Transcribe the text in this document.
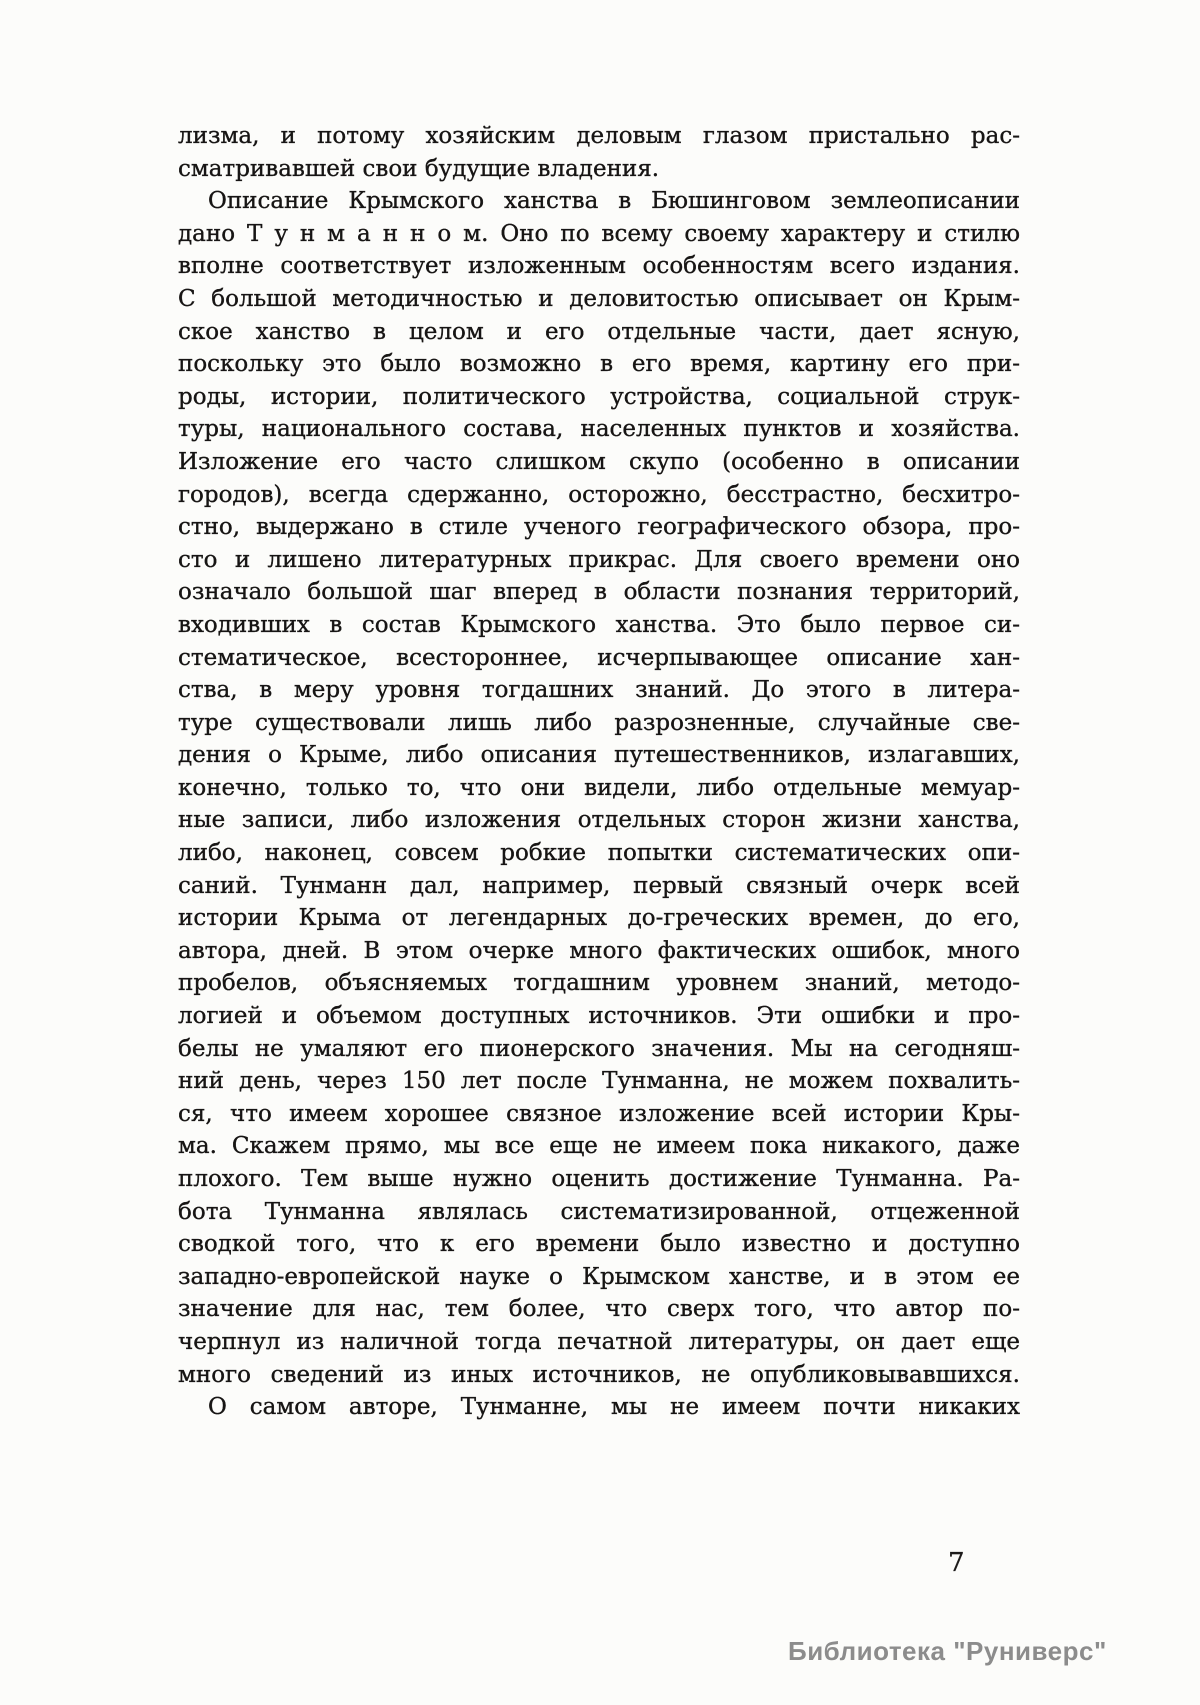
лизма, и потому хозяйским деловым глазом пристально рас-
сматривавшей свои будущие владения.
Описание Крымского ханства в Бюшинговом землеописании
дано Т у н м а н н о м. Оно по всему своему характеру и стилю
вполне соответствует изложенным особенностям всего издания.
С большой методичностью и деловитостью описывает он Крым-
ское ханство в целом и его отдельные части, дает ясную,
поскольку это было возможно в его время, картину его при-
роды, истории, политического устройства, социальной струк-
туры, национального состава, населенных пунктов и хозяйства.
Изложение его часто слишком скупо (особенно в описании
городов), всегда сдержанно, осторожно, бесстрастно, бесхитро-
стно, выдержано в стиле ученого географического обзора, про-
сто и лишено литературных прикрас. Для своего времени оно
означало большой шаг вперед в области познания территорий,
входивших в состав Крымского ханства. Это было первое си-
стематическое, всестороннее, исчерпывающее описание хан-
ства, в меру уровня тогдашних знаний. До этого в литера-
туре существовали лишь либо разрозненные, случайные све-
дения о Крыме, либо описания путешественников, излагавших,
конечно, только то, что они видели, либо отдельные мемуар-
ные записи, либо изложения отдельных сторон жизни ханства,
либо, наконец, совсем робкие попытки систематических опи-
саний. Тунманн дал, например, первый связный очерк всей
истории Крыма от легендарных до-греческих времен, до его,
автора, дней. В этом очерке много фактических ошибок, много
пробелов, объясняемых тогдашним уровнем знаний, методо-
логией и объемом доступных источников. Эти ошибки и про-
белы не умаляют его пионерского значения. Мы на сегодняш-
ний день, через 150 лет после Тунманна, не можем похвалить-
ся, что имеем хорошее связное изложение всей истории Кры-
ма. Скажем прямо, мы все еще не имеем пока никакого, даже
плохого. Тем выше нужно оценить достижение Тунманна. Ра-
бота Тунманна являлась систематизированной, отцеженной
сводкой того, что к его времени было известно и доступно
западно-европейской науке о Крымском ханстве, и в этом ее
значение для нас, тем более, что сверх того, что автор по-
черпнул из наличной тогда печатной литературы, он дает еще
много сведений из иных источников, не опубликовывавшихся.
О самом авторе, Тунманне, мы не имеем почти никаких
7
Библиотека "Руниверс"
